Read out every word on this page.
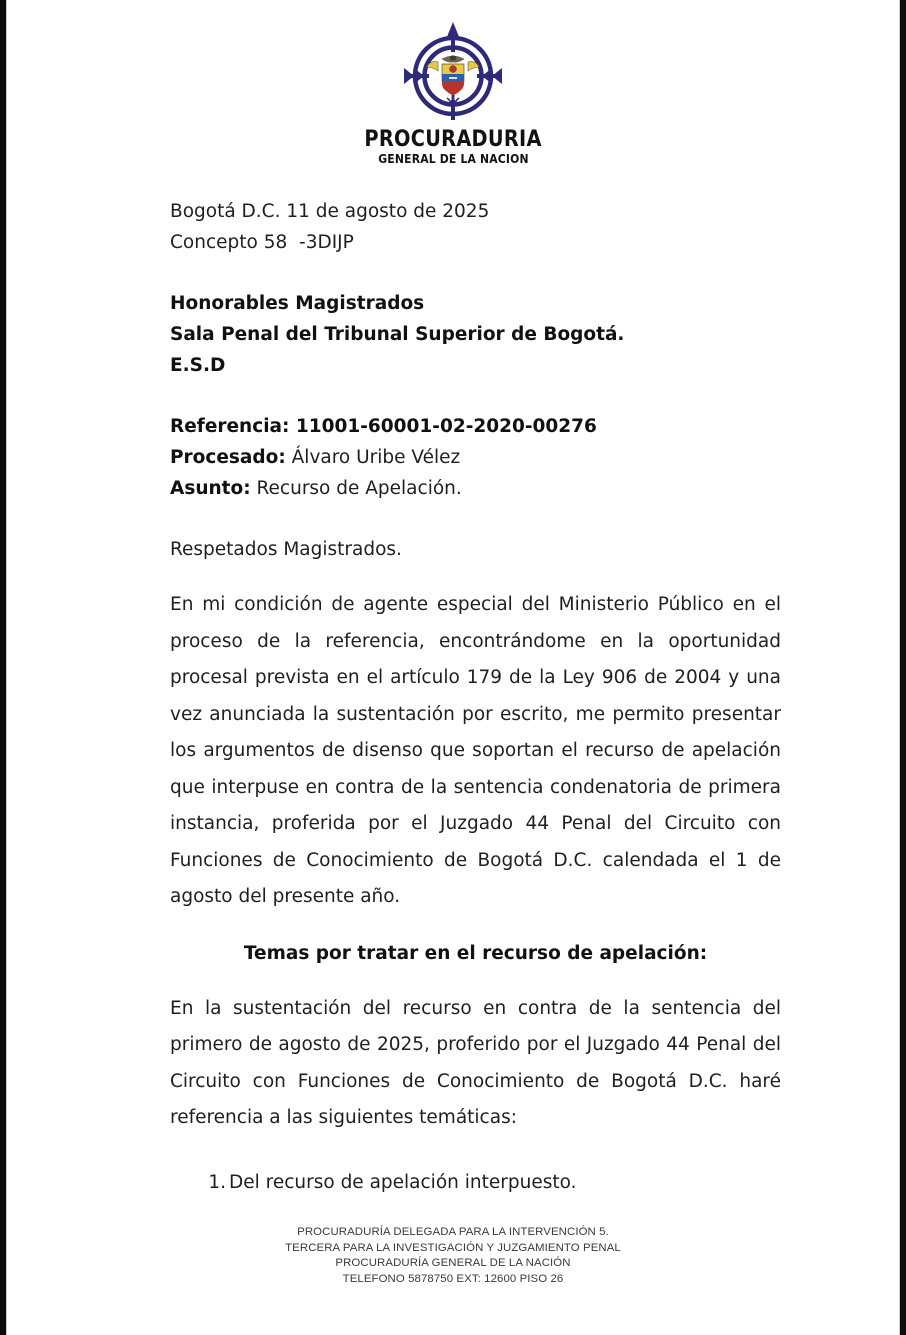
PROCURADURIA
GENERAL DE LA NACION
Bogotá D.C. 11 de agosto de 2025
Concepto 58  -3DIJP
Honorables Magistrados
Sala Penal del Tribunal Superior de Bogotá.
E.S.D
Referencia: 11001-60001-02-2020-00276
Procesado: Álvaro Uribe Vélez
Asunto: Recurso de Apelación.
Respetados Magistrados.

En mi condición de agente especial del Ministerio Público en el proceso de la referencia, encontrándome en la oportunidad procesal prevista en el artículo 179 de la Ley 906 de 2004 y una vez anunciada la sustentación por escrito, me permito presentar los argumentos de disenso que soportan el recurso de apelación que interpuse en contra de la sentencia condenatoria de primera instancia, proferida por el Juzgado 44 Penal del Circuito con Funciones de Conocimiento de Bogotá D.C. calendada el 1 de agosto del presente año.

Temas por tratar en el recurso de apelación:

En la sustentación del recurso en contra de la sentencia del primero de agosto de 2025, proferido por el Juzgado 44 Penal del Circuito con Funciones de Conocimiento de Bogotá D.C. haré referencia a las siguientes temáticas:

1. Del recurso de apelación interpuesto.
PROCURADURÍA DELEGADA PARA LA INTERVENCIÓN 5.
TERCERA PARA LA INVESTIGACIÓN Y JUZGAMIENTO PENAL
PROCURADURÍA GENERAL DE LA NACIÓN
TELEFONO 5878750 EXT: 12600 PISO 26
